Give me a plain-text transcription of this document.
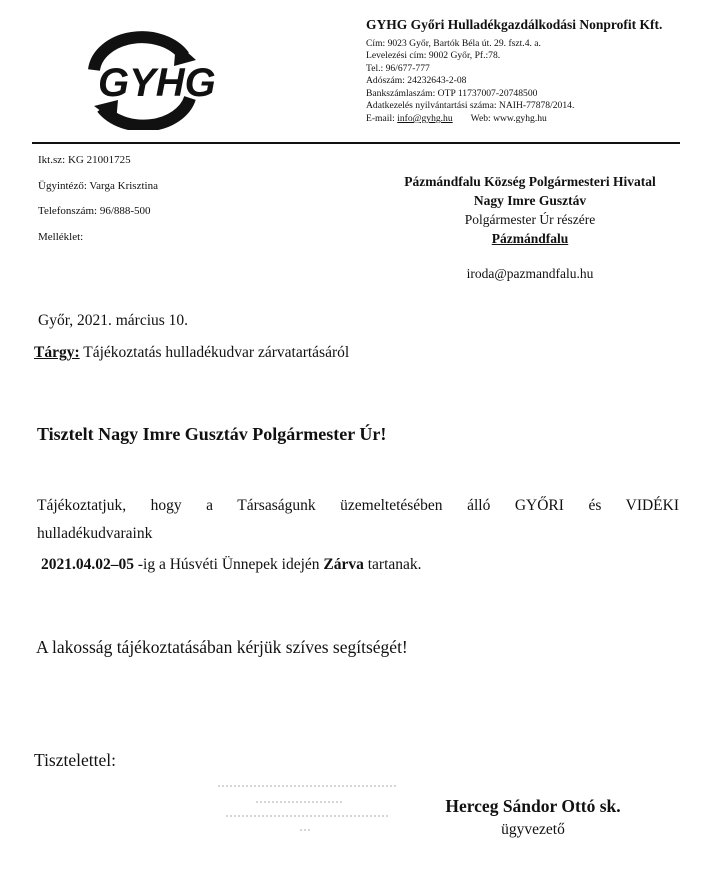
GYHG
GYHG Győri Hulladékgazdálkodási Nonprofit Kft.
Cím: 9023 Győr, Bartók Béla út. 29. fszt.4. a.
Levelezési cím: 9002 Győr, Pf.:78.
Tel.: 96/677-777
Adószám: 24232643-2-08
Bankszámlaszám: OTP 11737007-20748500
Adatkezelés nyilvántartási száma: NAIH-77878/2014.
E-mail: info@gyhg.hu Web: www.gyhg.hu
Ikt.sz: KG 21001725
Ügyintéző: Varga Krisztina
Telefonszám: 96/888-500
Melléklet:
Pázmándfalu Község Polgármesteri Hivatal
Nagy Imre Gusztáv
Polgármester Úr részére
Pázmándfalu
iroda@pazmandfalu.hu
Győr, 2021. március 10.
Tárgy: Tájékoztatás hulladékudvar zárvatartásáról
Tisztelt Nagy Imre Gusztáv Polgármester Úr!
Tájékoztatjuk, hogy a Társaságunk üzemeltetésében álló GYŐRI és VIDÉKI
hulladékudvaraink
2021.04.02–05 -ig a Húsvéti Ünnepek idején Zárva tartanak.
A lakosság tájékoztatásában kérjük szíves segítségét!
Tisztelettel:
Herceg Sándor Ottó sk.
ügyvezető
